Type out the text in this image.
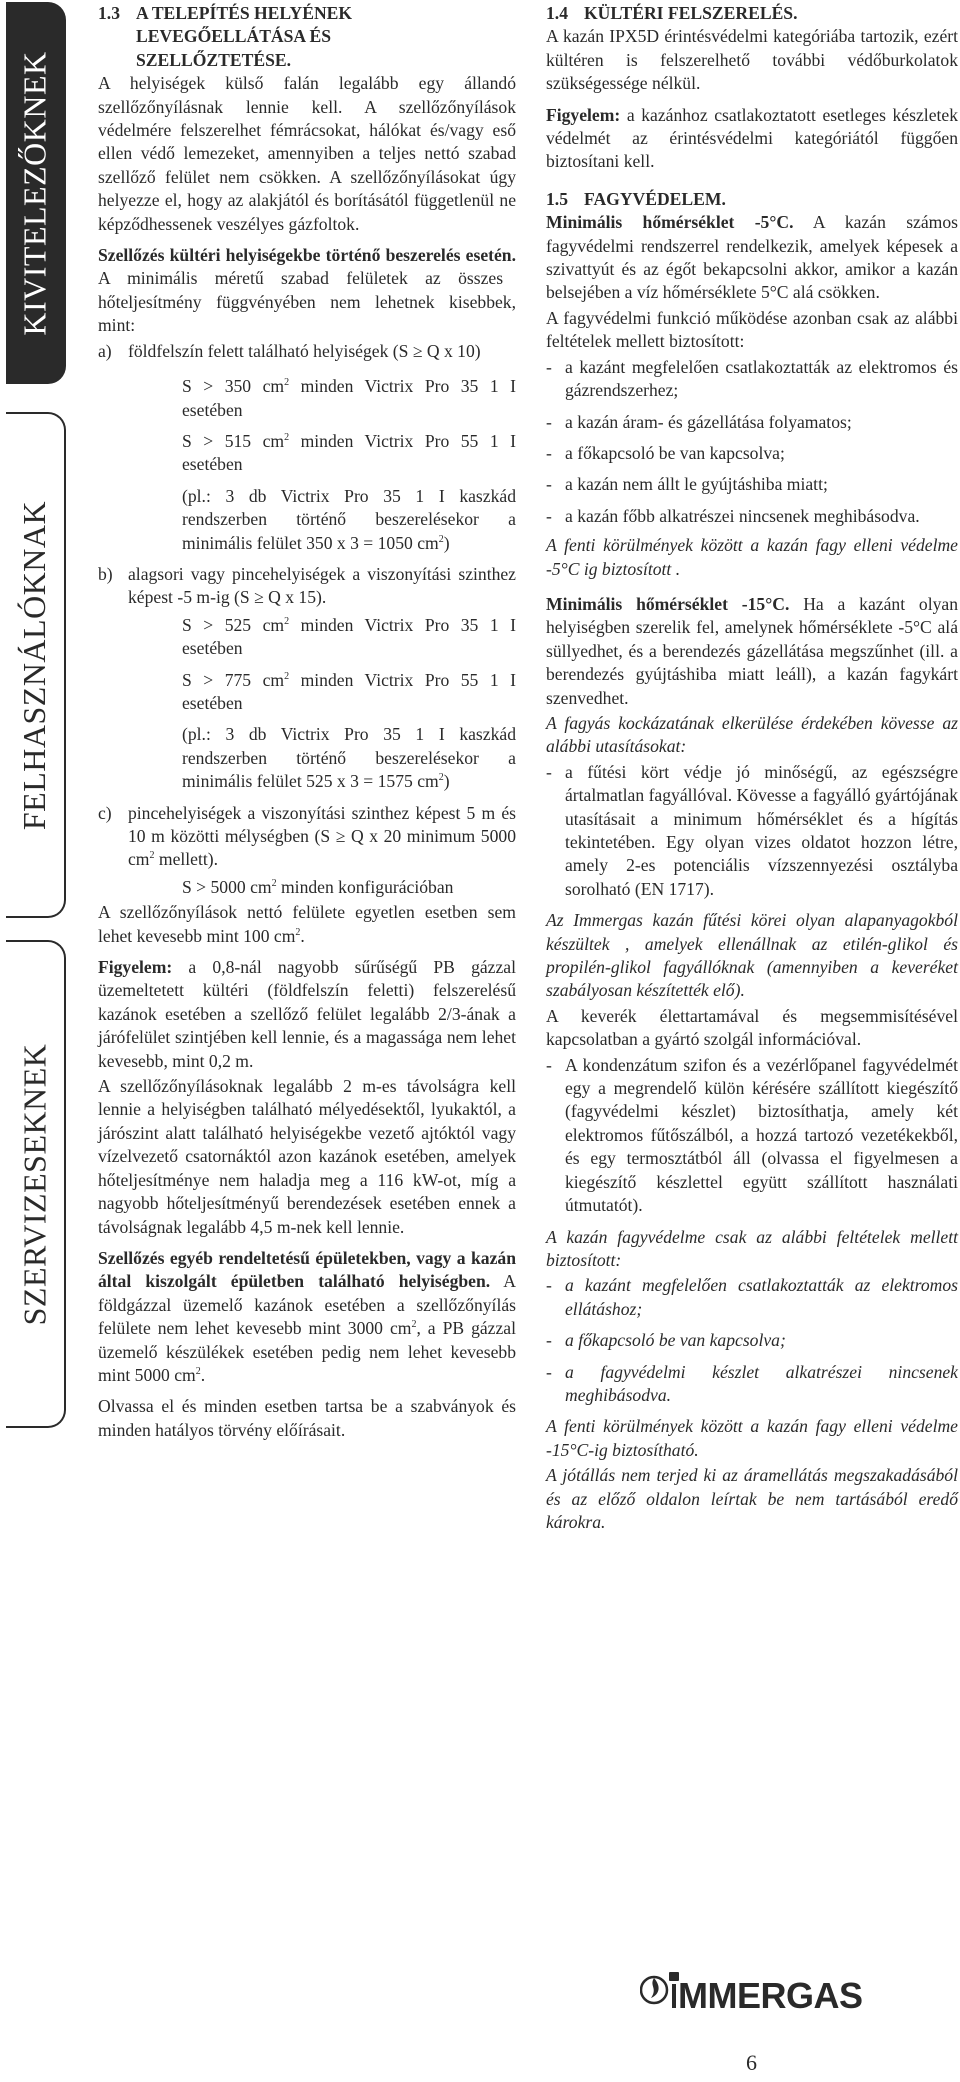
KIVITELEZŐKNEK
FELHASZNÁLÓKNAK
SZERVIZESEKNEK
1.3 A TELEPÍTÉS HELYÉNEK
LEVEGŐELLÁTÁSA ÉS
SZELLŐZTETÉSE.

A helyiségek külső falán legalább egy állandó szellőzőnyílásnak lennie kell. A szellőzőnyílások védelmére felszerelhet fémrácsokat, hálókat és/vagy eső ellen védő lemezeket, amennyiben a teljes nettó szabad szellőző felület nem csökken. A szellőzőnyílásokat úgy helyezze el, hogy az alakjától és borításától függetlenül ne képződhessenek veszélyes gázfoltok.

Szellőzés kültéri helyiségekbe történő beszerelés esetén. A minimális méretű szabad felületek az összes hőteljesítmény függvényében nem lehetnek kisebbek, mint:

a) földfelszín felett található helyiségek (S ≥ Q x 10)

S > 350 $cm^2$ minden Victrix Pro 35 1 I esetében

S > 515 $cm^2$ minden Victrix Pro 55 1 I esetében

(pl.: 3 db Victrix Pro 35 1 I kaszkád rendszerben történő beszerelésekor a minimális felület 350 x 3 = 1050 $cm^2$)

b) alagsori vagy pincehelyiségek a viszonyítási szinthez képest -5 m-ig (S ≥ Q x 15).

S > 525 $cm^2$ minden Victrix Pro 35 1 I esetében

S > 775 $cm^2$ minden Victrix Pro 55 1 I esetében

(pl.: 3 db Victrix Pro 35 1 I kaszkád rendszerben történő beszerelésekor a minimális felület 525 x 3 = 1575 $cm^2$)

c) pincehelyiségek a viszonyítási szinthez képest 5 m és 10 m közötti mélységben (S ≥ Q x 20 minimum 5000 $cm^2$ mellett).

S > 5000 $cm^2$ minden konfigurációban

A szellőzőnyílások nettó felülete egyetlen esetben sem lehet kevesebb mint 100 $cm^2$.

Figyelem: a 0,8-nál nagyobb sűrűségű PB gázzal üzemeltetett kültéri (földfelszín feletti) felszerelésű kazánok esetében a szellőző felület legalább 2/3-ának a járófelület szintjében kell lennie, és a magassága nem lehet kevesebb, mint 0,2 m.

A szellőzőnyílásoknak legalább 2 m-es távolságra kell lennie a helyiségben található mélyedésektől, lyukaktól, a járószint alatt található helyiségekbe vezető ajtóktól vagy vízelvezető csatornáktól azon kazánok esetében, amelyek hőteljesítménye nem haladja meg a 116 kW-ot, míg a nagyobb hőteljesítményű berendezések esetében ennek a távolságnak legalább 4,5 m-nek kell lennie.

Szellőzés egyéb rendeltetésű épületekben, vagy a kazán által kiszolgált épületben található helyiségben. A földgázzal üzemelő kazánok esetében a szellőzőnyílás felülete nem lehet kevesebb mint 3000 $cm^2$, a PB gázzal üzemelő készülékek esetében pedig nem lehet kevesebb mint 5000 $cm^2$.

Olvassa el és minden esetben tartsa be a szabványok és minden hatályos törvény előírásait.

1.4 KÜLTÉRI FELSZERELÉS.

A kazán IPX5D érintésvédelmi kategóriába tartozik, ezért kültéren is felszerelhető további védőburkolatok szükségessége nélkül.

Figyelem: a kazánhoz csatlakoztatott esetleges készletek védelmét az érintésvédelmi kategóriától függően biztosítani kell.

1.5 FAGYVÉDELEM.

Minimális hőmérséklet -5°C. A kazán számos fagyvédelmi rendszerrel rendelkezik, amelyek képesek a szivattyút és az égőt bekapcsolni akkor, amikor a kazán belsejében a víz hőmérséklete 5°C alá csökken.

A fagyvédelmi funkció működése azonban csak az alábbi feltételek mellett biztosított:

- a kazánt megfelelően csatlakoztatták az elektromos és gázrendszerhez;
- a kazán áram- és gázellátása folyamatos;
- a főkapcsoló be van kapcsolva;
- a kazán nem állt le gyújtáshiba miatt;
- a kazán főbb alkatrészei nincsenek meghibásodva.

A fenti körülmények között a kazán fagy elleni védelme -5°C ig biztosított .

Minimális hőmérséklet -15°C. Ha a kazánt olyan helyiségben szerelik fel, amelynek hőmérséklete -5°C alá süllyedhet, és a berendezés gázellátása megszűnhet (ill. a berendezés gyújtáshiba miatt leáll), a kazán fagykárt szenvedhet.

A fagyás kockázatának elkerülése érdekében kövesse az alábbi utasításokat:

- a fűtési kört védje jó minőségű, az egészségre ártalmatlan fagyállóval. Kövesse a fagyálló gyártójának utasításait a minimum hőmérséklet és a hígítás tekintetében. Egy olyan vizes oldatot hozzon létre, amely 2-es potenciális vízszennyezési osztályba sorolható (EN 1717).

Az Immergas kazán fűtési körei olyan alapanyagokból készültek , amelyek ellenállnak az etilén-glikol és propilén-glikol fagyállóknak (amennyiben a keveréket szabályosan készítették elő).

A keverék élettartamával és megsemmisítésével kapcsolatban a gyártó szolgál információval.

- A kondenzátum szifon és a vezérlőpanel fagyvédelmét egy a megrendelő külön kérésére szállított kiegészítő (fagyvédelmi készlet) biztosíthatja, amely két elektromos fűtőszálból, a hozzá tartozó vezetékekből, és egy termosztátból áll (olvassa el figyelmesen a kiegészítő készlettel együtt szállított használati útmutatót).

A kazán fagyvédelme csak az alábbi feltételek mellett biztosított:

- a kazánt megfelelően csatlakoztatták az elektromos ellátáshoz;
- a főkapcsoló be van kapcsolva;
- a fagyvédelmi készlet alkatrészei nincsenek meghibásodva.

A fenti körülmények között a kazán fagy elleni védelme -15°C-ig biztosítható.

A jótállás nem terjed ki az áramellátás megszakadásából és az előző oldalon leírtak be nem tartásából eredő károkra.

MMERGAS
6
